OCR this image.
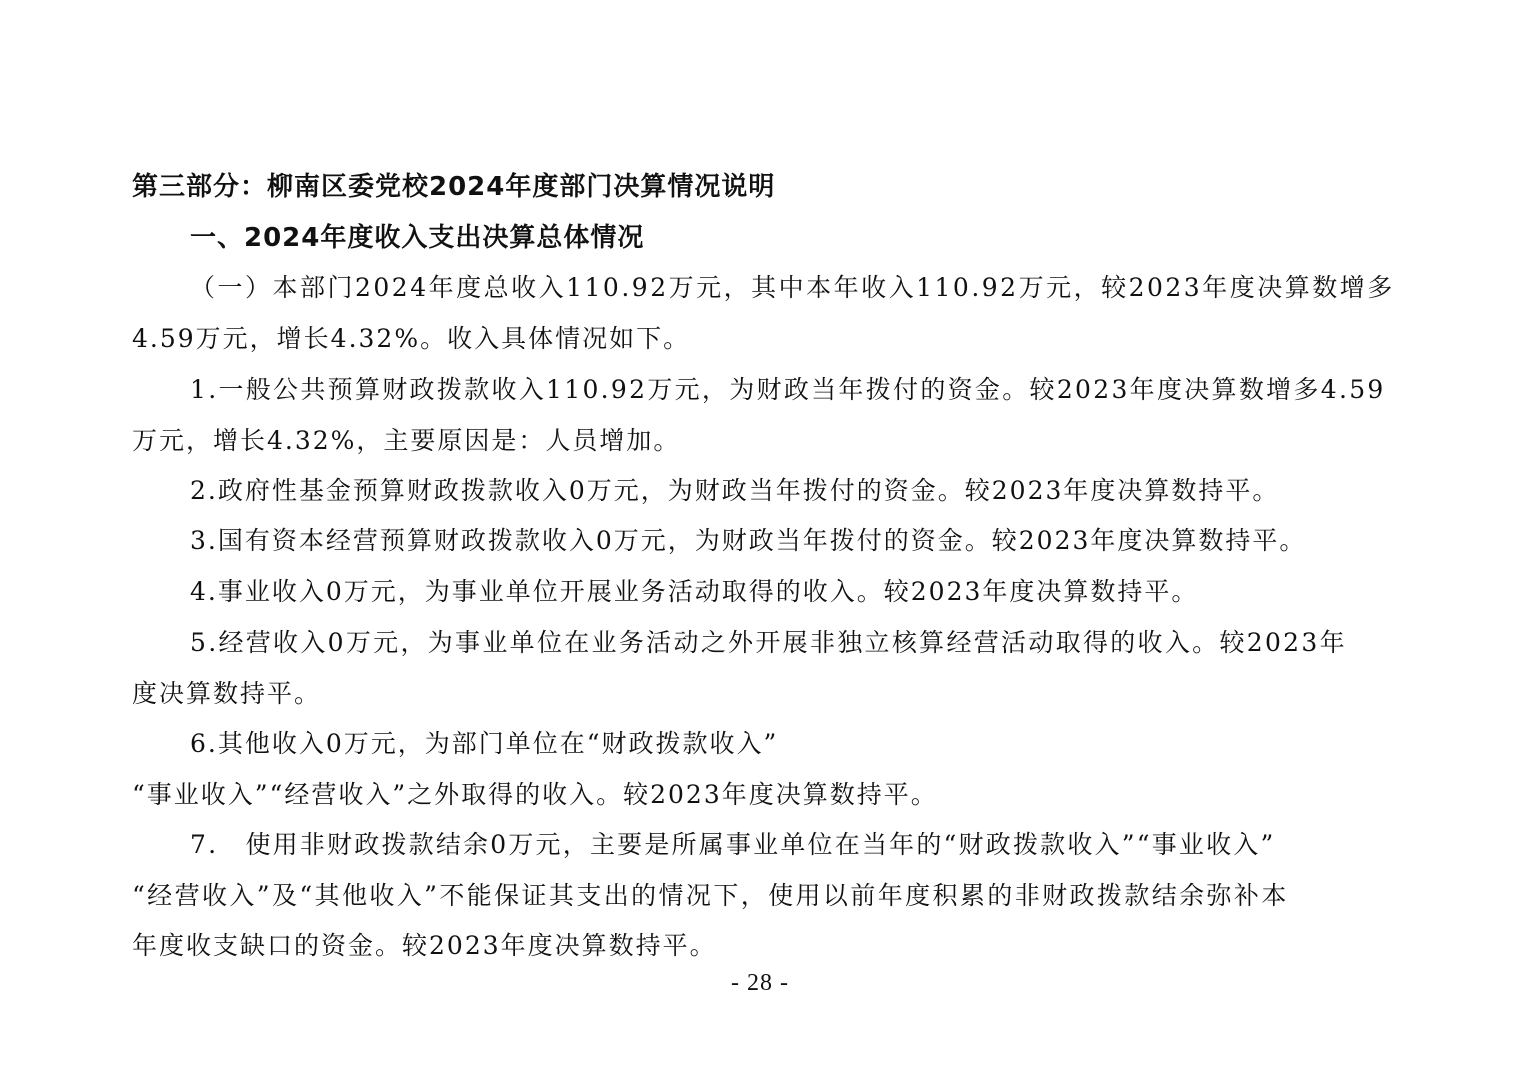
第三部分：柳南区委党校2024年度部门决算情况说明
一、2024年度收入支出决算总体情况
（一）本部门2024年度总收入110.92万元，其中本年收入110.92万元，较2023年度决算数增多
4.59万元，增长4.32%。收入具体情况如下。
1.一般公共预算财政拨款收入110.92万元，为财政当年拨付的资金。较2023年度决算数增多4.59
万元，增长4.32%，主要原因是：人员增加。
2.政府性基金预算财政拨款收入0万元，为财政当年拨付的资金。较2023年度决算数持平。
3.国有资本经营预算财政拨款收入0万元，为财政当年拨付的资金。较2023年度决算数持平。
4.事业收入0万元，为事业单位开展业务活动取得的收入。较2023年度决算数持平。
5.经营收入0万元，为事业单位在业务活动之外开展非独立核算经营活动取得的收入。较2023年
度决算数持平。
6.其他收入0万元，为部门单位在“财政拨款收入”
“事业收入”“经营收入”之外取得的收入。较2023年度决算数持平。
7.　使用非财政拨款结余0万元，主要是所属事业单位在当年的“财政拨款收入”“事业收入”
“经营收入”及“其他收入”不能保证其支出的情况下，使用以前年度积累的非财政拨款结余弥补本
年度收支缺口的资金。较2023年度决算数持平。
- 28 -
